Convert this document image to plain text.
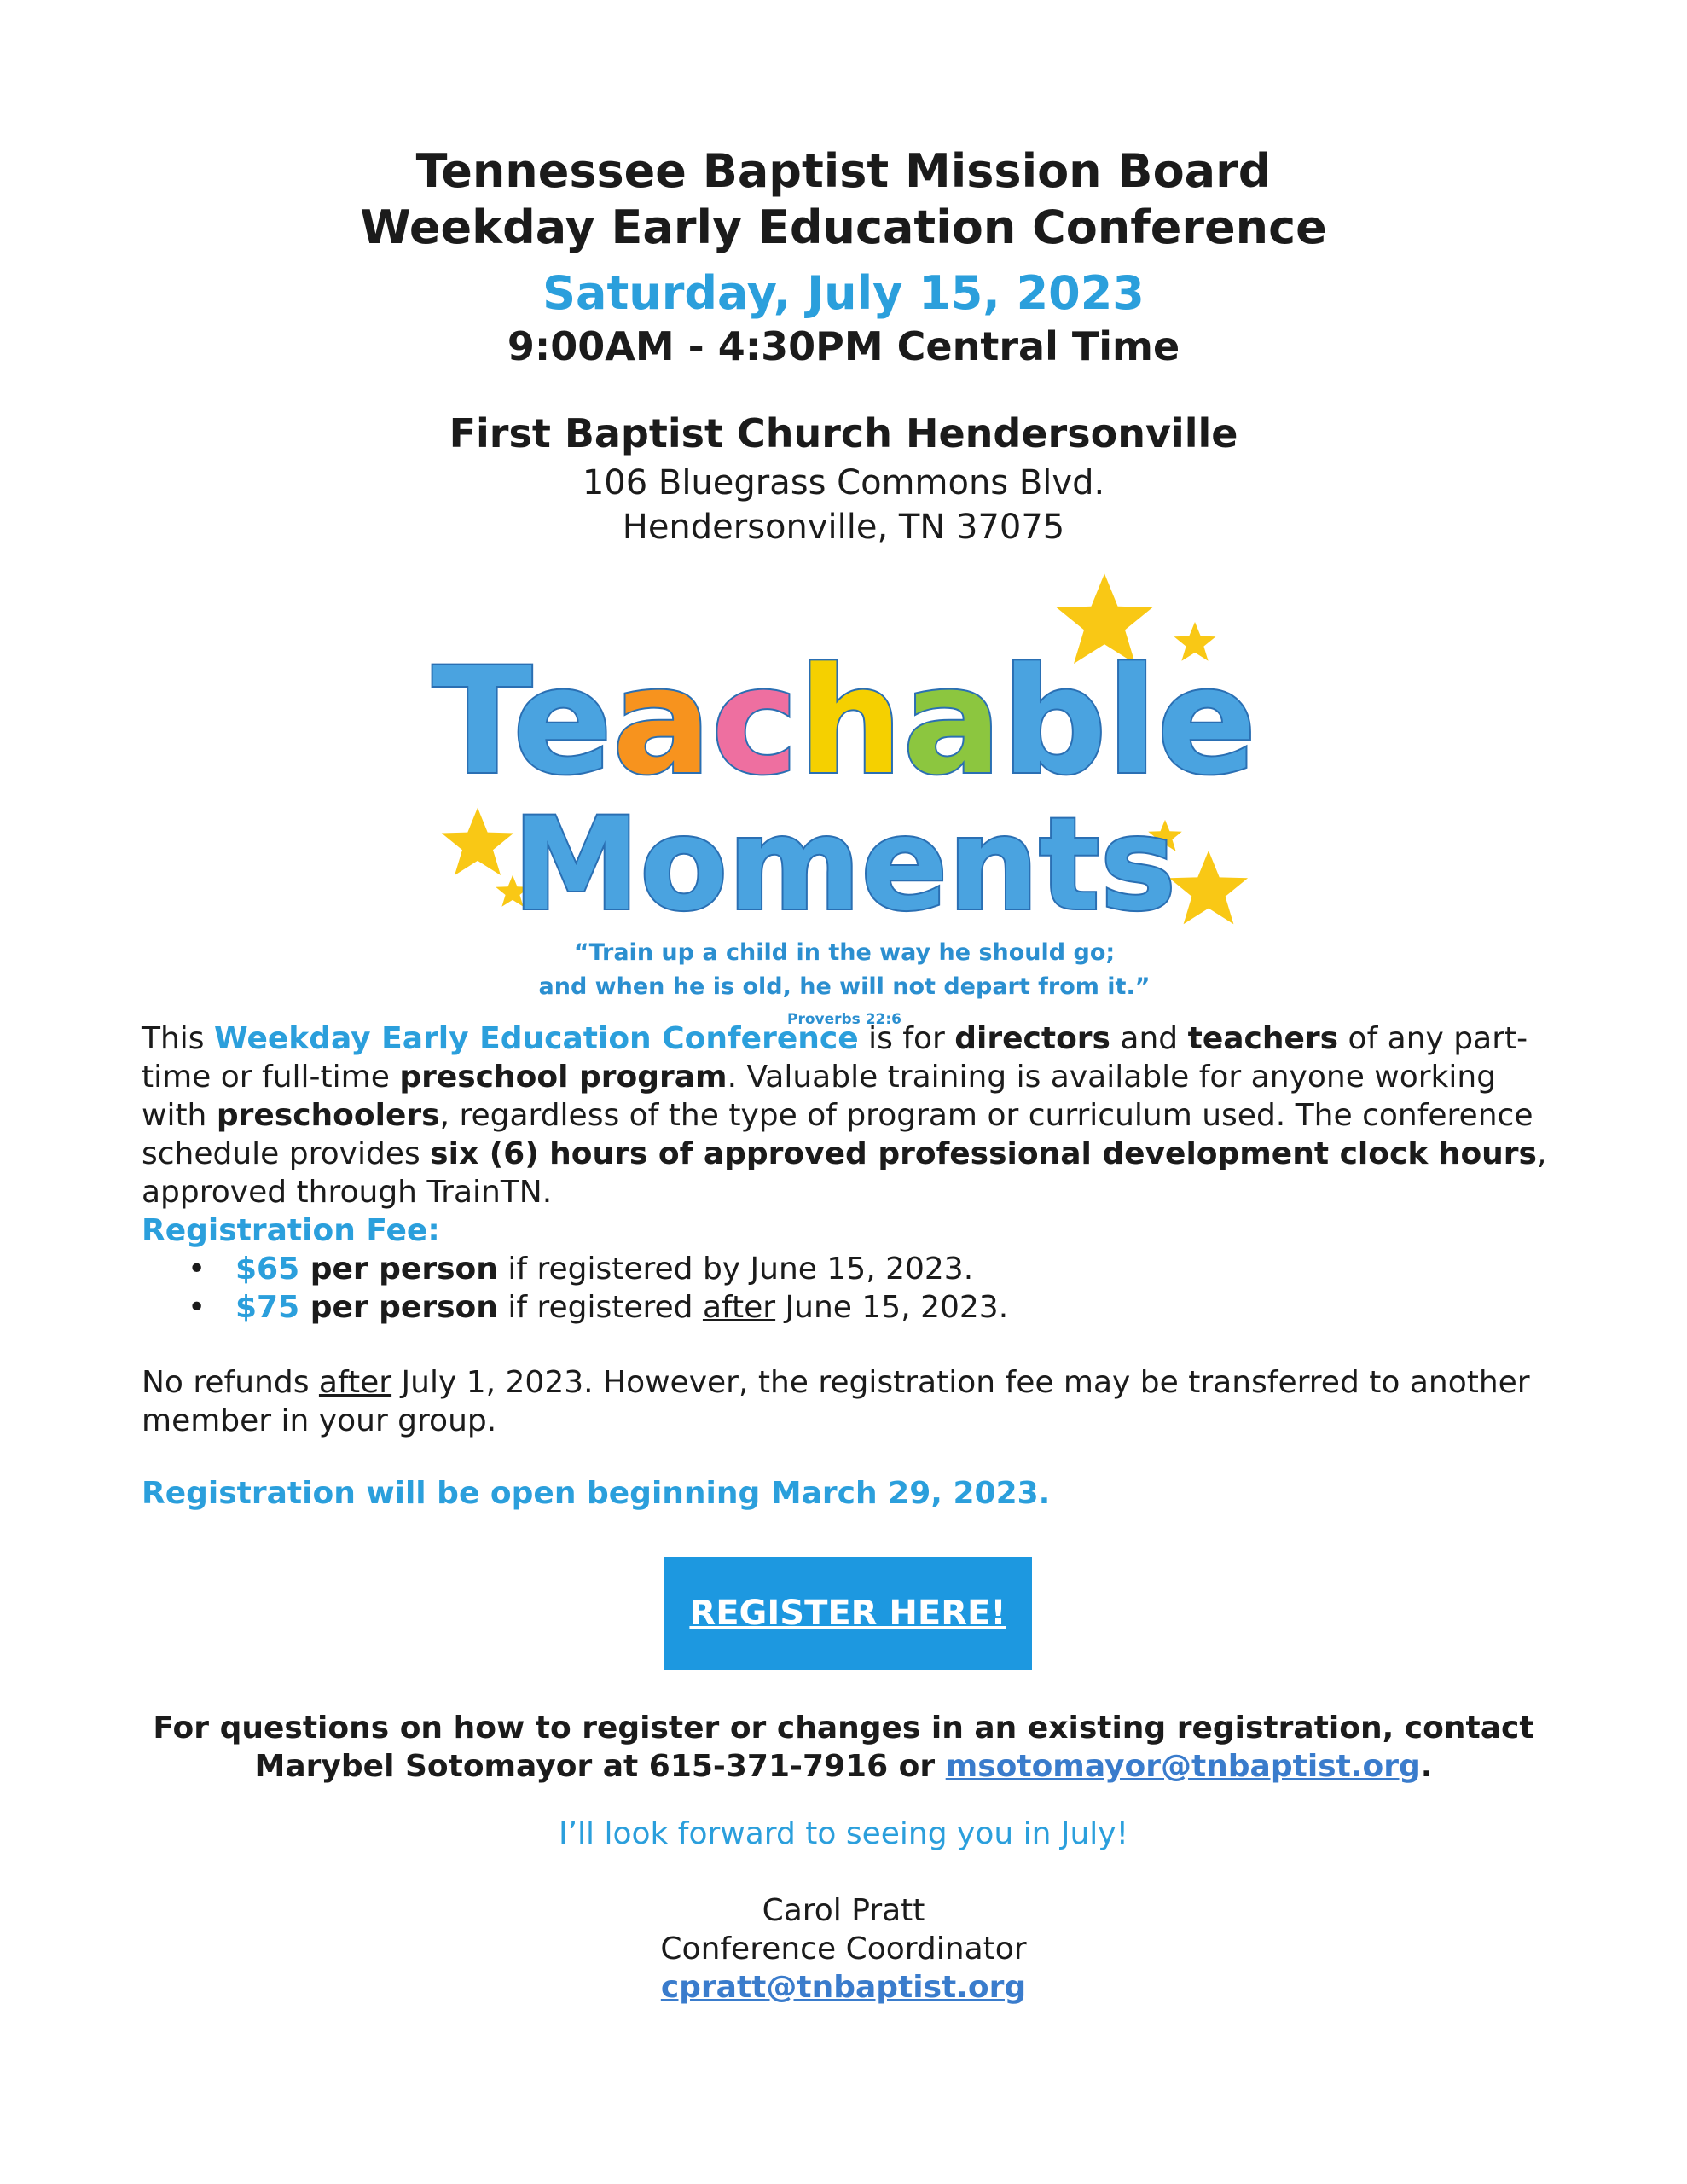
Tennessee Baptist Mission Board
Weekday Early Education Conference
Saturday, July 15, 2023
9:00AM - 4:30PM Central Time
First Baptist Church Hendersonville
106 Bluegrass Commons Blvd.
Hendersonville, TN 37075
Teachable
Moments
“Train up a child in the way he should go;
and when he is old, he will not depart from it.”
Proverbs 22:6
This Weekday Early Education Conference is for directors and teachers of any part-time or full-time preschool program. Valuable training is available for anyone working with preschoolers, regardless of the type of program or curriculum used. The conference schedule provides six (6) hours of approved professional development clock hours, approved through TrainTN.
Registration Fee:
• $65 per person if registered by June 15, 2023.
• $75 per person if registered after June 15, 2023.
No refunds after July 1, 2023. However, the registration fee may be transferred to another member in your group.
Registration will be open beginning March 29, 2023.
REGISTER HERE!
For questions on how to register or changes in an existing registration, contact Marybel Sotomayor at 615-371-7916 or msotomayor@tnbaptist.org.
I’ll look forward to seeing you in July!
Carol Pratt
Conference Coordinator
cpratt@tnbaptist.org
